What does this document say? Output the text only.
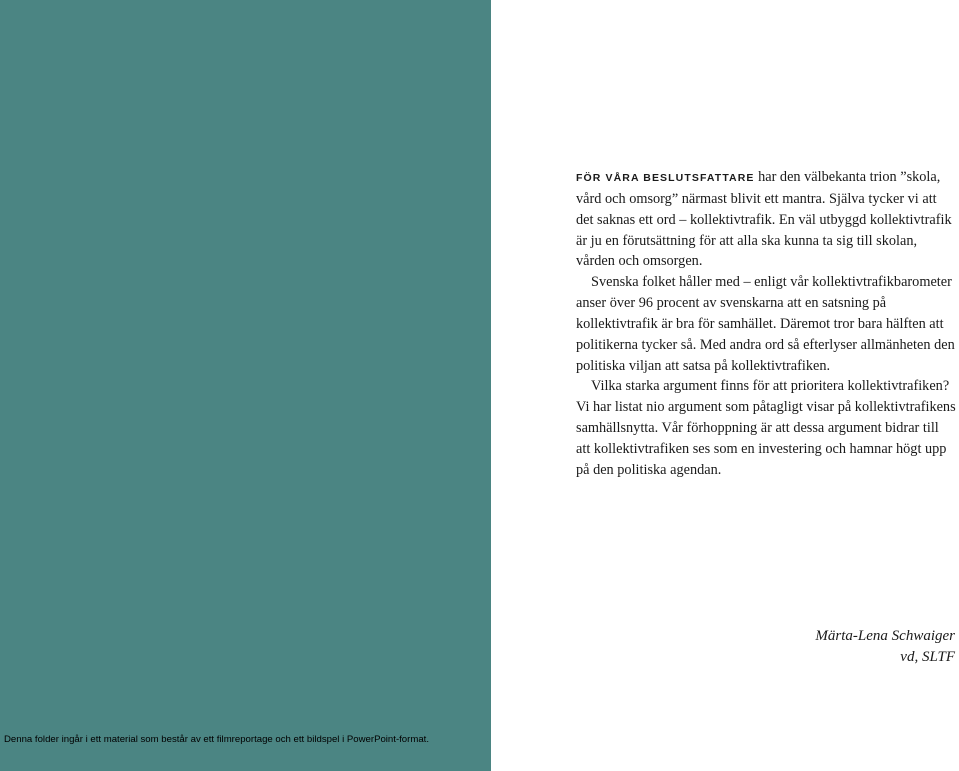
Denna folder ingår i ett material som består av ett filmreportage och ett bildspel i PowerPoint-format.

FÖR VÅRA BESLUTSFATTARE har den välbekanta trion ”skola, vård och omsorg” närmast blivit ett mantra. Själva tycker vi att det saknas ett ord – kollektivtrafik. En väl utbyggd kollektivtrafik är ju en förutsättning för att alla ska kunna ta sig till skolan, vården och omsorgen.

Svenska folket håller med – enligt vår kollektivtrafikbarometer anser över 96 procent av svenskarna att en satsning på kollektivtrafik är bra för samhället. Däremot tror bara hälften att politikerna tycker så. Med andra ord så efterlyser allmänheten den politiska viljan att satsa på kollektivtrafiken.

Vilka starka argument finns för att prioritera kollektivtrafiken? Vi har listat nio argument som påtagligt visar på kollektivtrafikens samhällsnytta. Vår förhoppning är att dessa argument bidrar till att kollektivtrafiken ses som en investering och hamnar högt upp på den politiska agendan.

Märta-Lena Schwaiger
vd, SLTF
